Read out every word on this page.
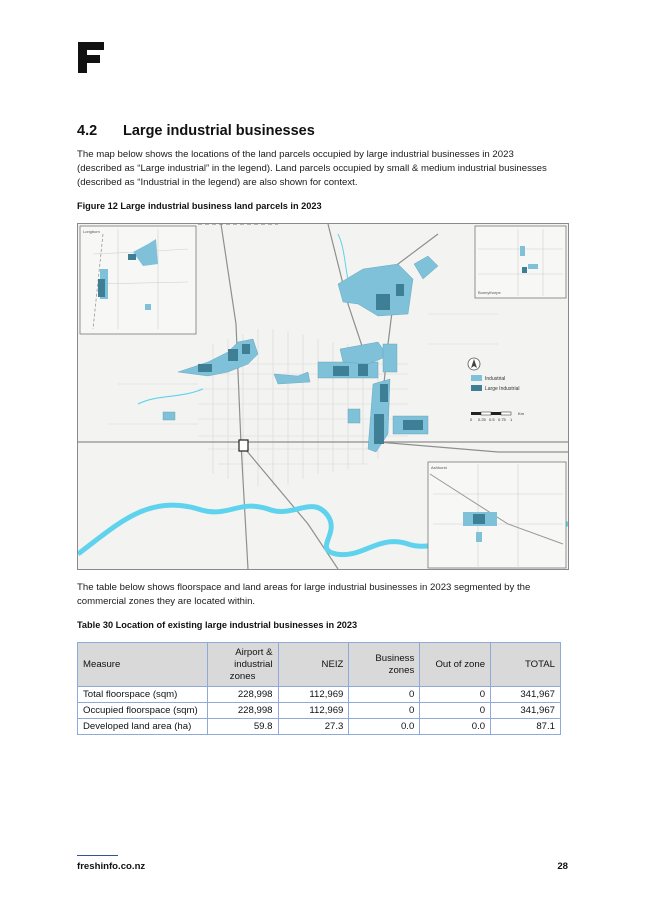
4.2 Large industrial businesses
The map below shows the locations of the land parcels occupied by large industrial businesses in 2023
(described as “Large industrial” in the legend). Land parcels occupied by small & medium industrial businesses
(described as “Industrial in the legend) are also shown for context.
Figure 12 Large industrial business land parcels in 2023
Industrial
Large Industrial
0 0.25 0.5 0.75 1
Km
Longburn
Bunnythorpe
Ashhurst
The table below shows floorspace and land areas for large industrial businesses in 2023 segmented by the
commercial zones they are located within.
Table 30 Location of existing large industrial businesses in 2023
Measure	Airport &
industrial
zones	NEIZ	Business
zones	Out of zone	TOTAL
Total floorspace (sqm)	228,998	112,969	0	0	341,967
Occupied floorspace (sqm)	228,998	112,969	0	0	341,967
Developed land area (ha)	59.8	27.3	0.0	0.0	87.1
freshinfo.co.nz	28
